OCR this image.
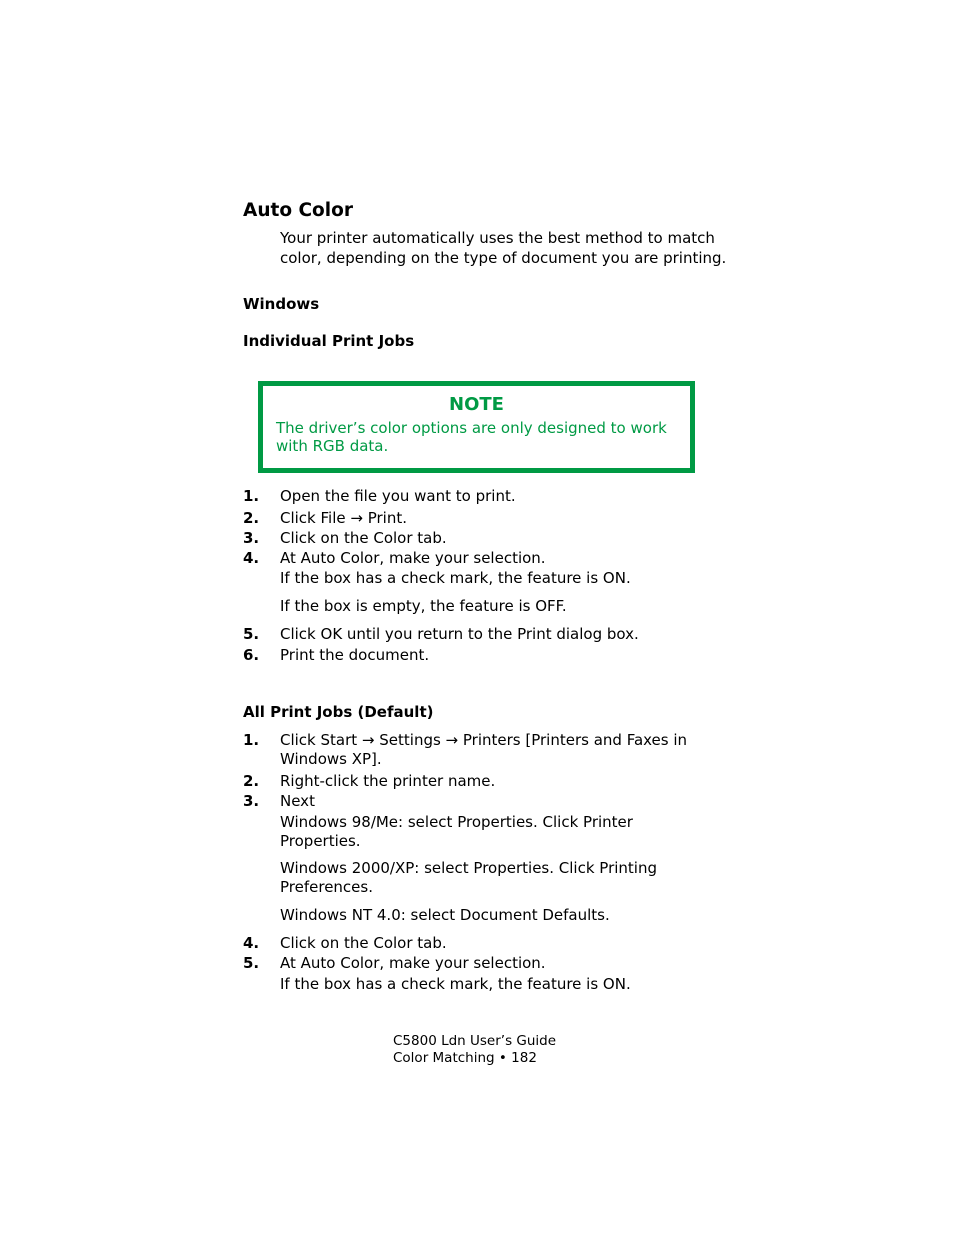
Auto Color
Your printer automatically uses the best method to match color, depending on the type of document you are printing.
Windows
Individual Print Jobs
NOTE
The driver’s color options are only designed to work with RGB data.
1. Open the file you want to print.
2. Click File → Print.
3. Click on the Color tab.
4. At Auto Color, make your selection.
If the box has a check mark, the feature is ON.
If the box is empty, the feature is OFF.
5. Click OK until you return to the Print dialog box.
6. Print the document.
All Print Jobs (Default)
1. Click Start → Settings → Printers [Printers and Faxes in Windows XP].
2. Right-click the printer name.
3. Next
Windows 98/Me: select Properties. Click Printer Properties.
Windows 2000/XP: select Properties. Click Printing Preferences.
Windows NT 4.0: select Document Defaults.
4. Click on the Color tab.
5. At Auto Color, make your selection.
If the box has a check mark, the feature is ON.
C5800 Ldn User’s Guide
Color Matching • 182
